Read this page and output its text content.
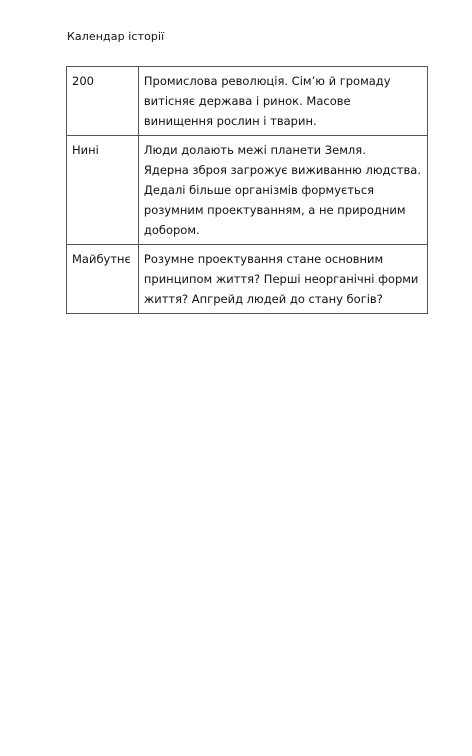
Календар історії
200	Промислова революція. Сім’ю й громаду
витісняє держава і ринок. Масове
винищення рослин і тварин.

Нині	Люди долають межі планети Земля.
Ядерна зброя загрожує виживанню людства.
Дедалі більше організмів формується
розумним проектуванням, а не природним
добором.

Майбутнє	Розумне проектування стане основним
принципом життя? Перші неорганічні форми
життя? Апгрейд людей до стану богів?
